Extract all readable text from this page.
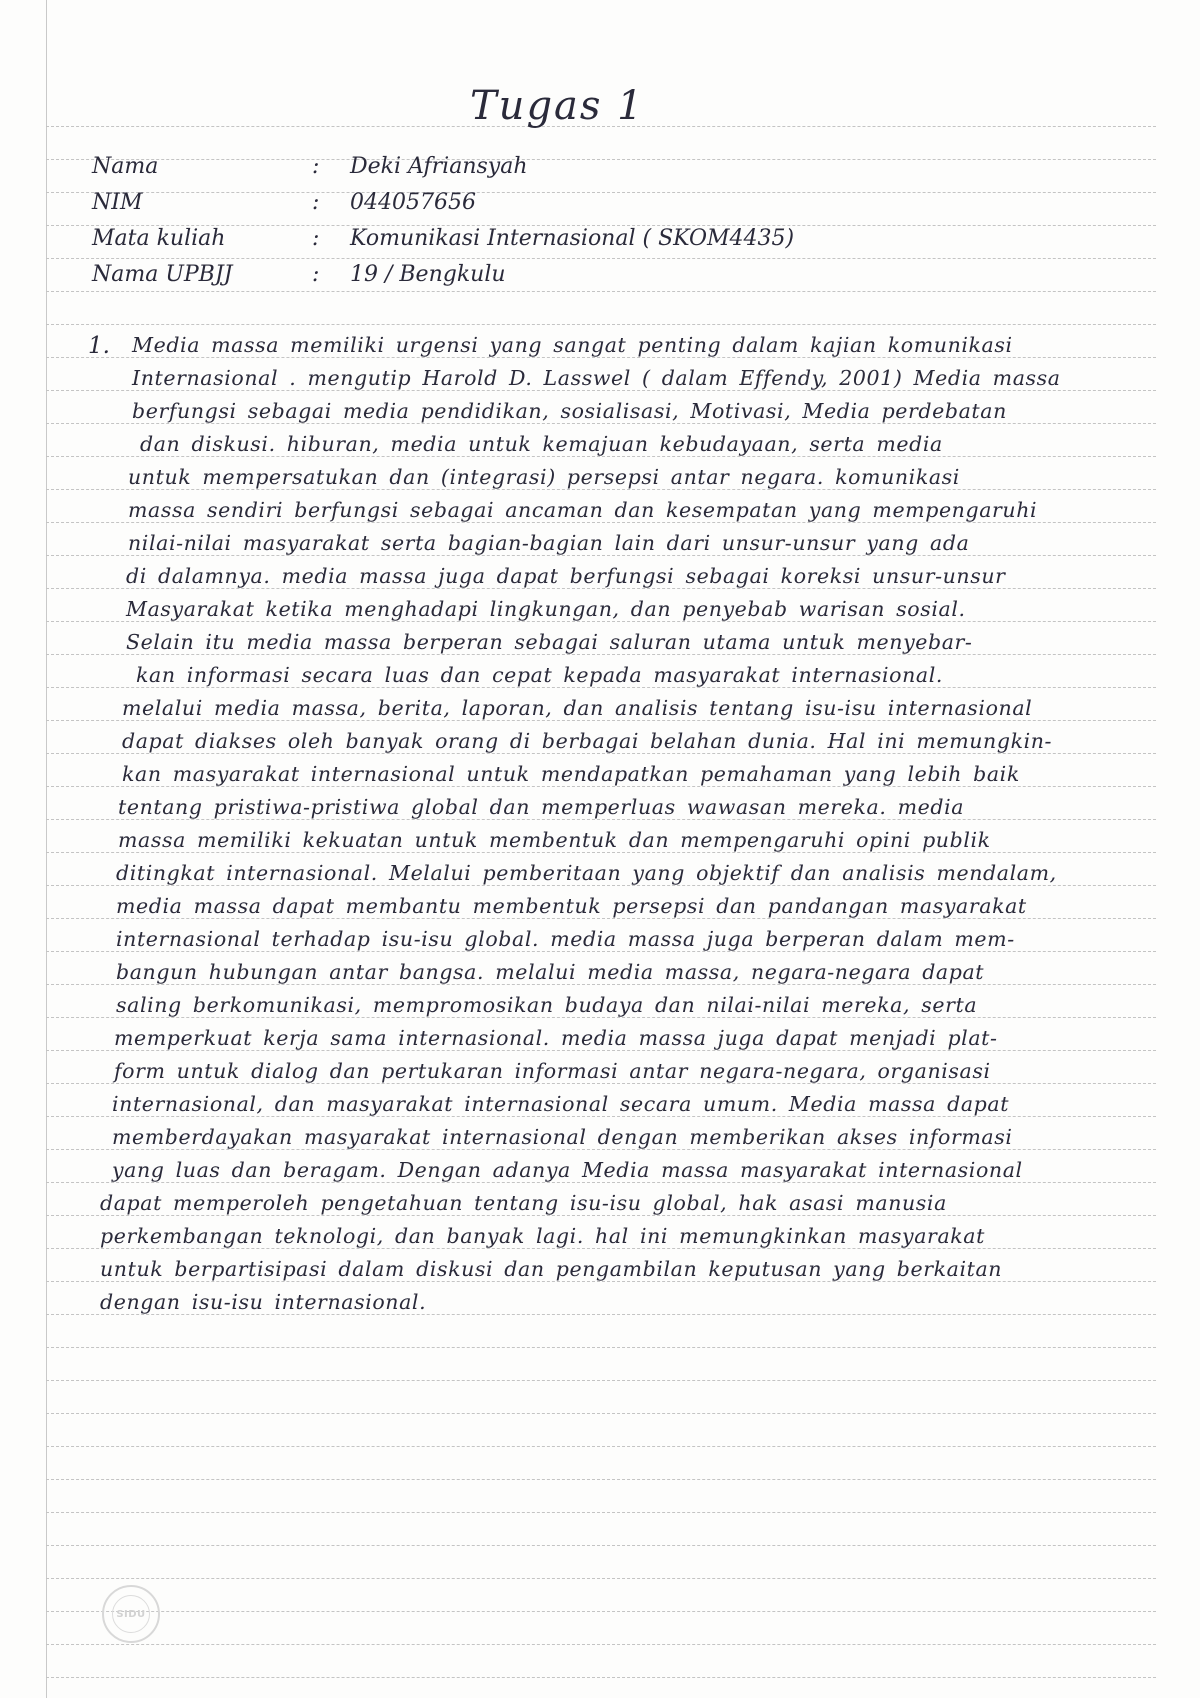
Tugas 1
Nama	: Deki Afriansyah
NIM	: 044057656
Mata kuliah	: Komunikasi Internasional ( SKOM4435)
Nama UPBJJ	: 19 / Bengkulu
1. Media massa memiliki urgensi yang sangat penting dalam kajian komunikasi
Internasional . mengutip Harold D. Lasswel ( dalam Effendy, 2001) Media massa
berfungsi sebagai media pendidikan, sosialisasi, Motivasi, Media perdebatan
dan diskusi. hiburan, media untuk kemajuan kebudayaan, serta media
untuk mempersatukan dan (integrasi) persepsi antar negara. komunikasi
massa sendiri berfungsi sebagai ancaman dan kesempatan yang mempengaruhi
nilai-nilai masyarakat serta bagian-bagian lain dari unsur-unsur yang ada
di dalamnya. media massa juga dapat berfungsi sebagai koreksi unsur-unsur
Masyarakat ketika menghadapi lingkungan, dan penyebab warisan sosial.
Selain itu media massa berperan sebagai saluran utama untuk menyebar-
kan informasi secara luas dan cepat kepada masyarakat internasional.
melalui media massa, berita, laporan, dan analisis tentang isu-isu internasional
dapat diakses oleh banyak orang di berbagai belahan dunia. Hal ini memungkin-
kan masyarakat internasional untuk mendapatkan pemahaman yang lebih baik
tentang pristiwa-pristiwa global dan memperluas wawasan mereka. media
massa memiliki kekuatan untuk membentuk dan mempengaruhi opini publik
ditingkat internasional. Melalui pemberitaan yang objektif dan analisis mendalam,
media massa dapat membantu membentuk persepsi dan pandangan masyarakat
internasional terhadap isu-isu global. media massa juga berperan dalam mem-
bangun hubungan antar bangsa. melalui media massa, negara-negara dapat
saling berkomunikasi, mempromosikan budaya dan nilai-nilai mereka, serta
memperkuat kerja sama internasional. media massa juga dapat menjadi plat-
form untuk dialog dan pertukaran informasi antar negara-negara, organisasi
internasional, dan masyarakat internasional secara umum. Media massa dapat
memberdayakan masyarakat internasional dengan memberikan akses informasi
yang luas dan beragam. Dengan adanya Media massa masyarakat internasional
dapat memperoleh pengetahuan tentang isu-isu global, hak asasi manusia
perkembangan teknologi, dan banyak lagi. hal ini memungkinkan masyarakat
untuk berpartisipasi dalam diskusi dan pengambilan keputusan yang berkaitan
dengan isu-isu internasional.
SIDU
